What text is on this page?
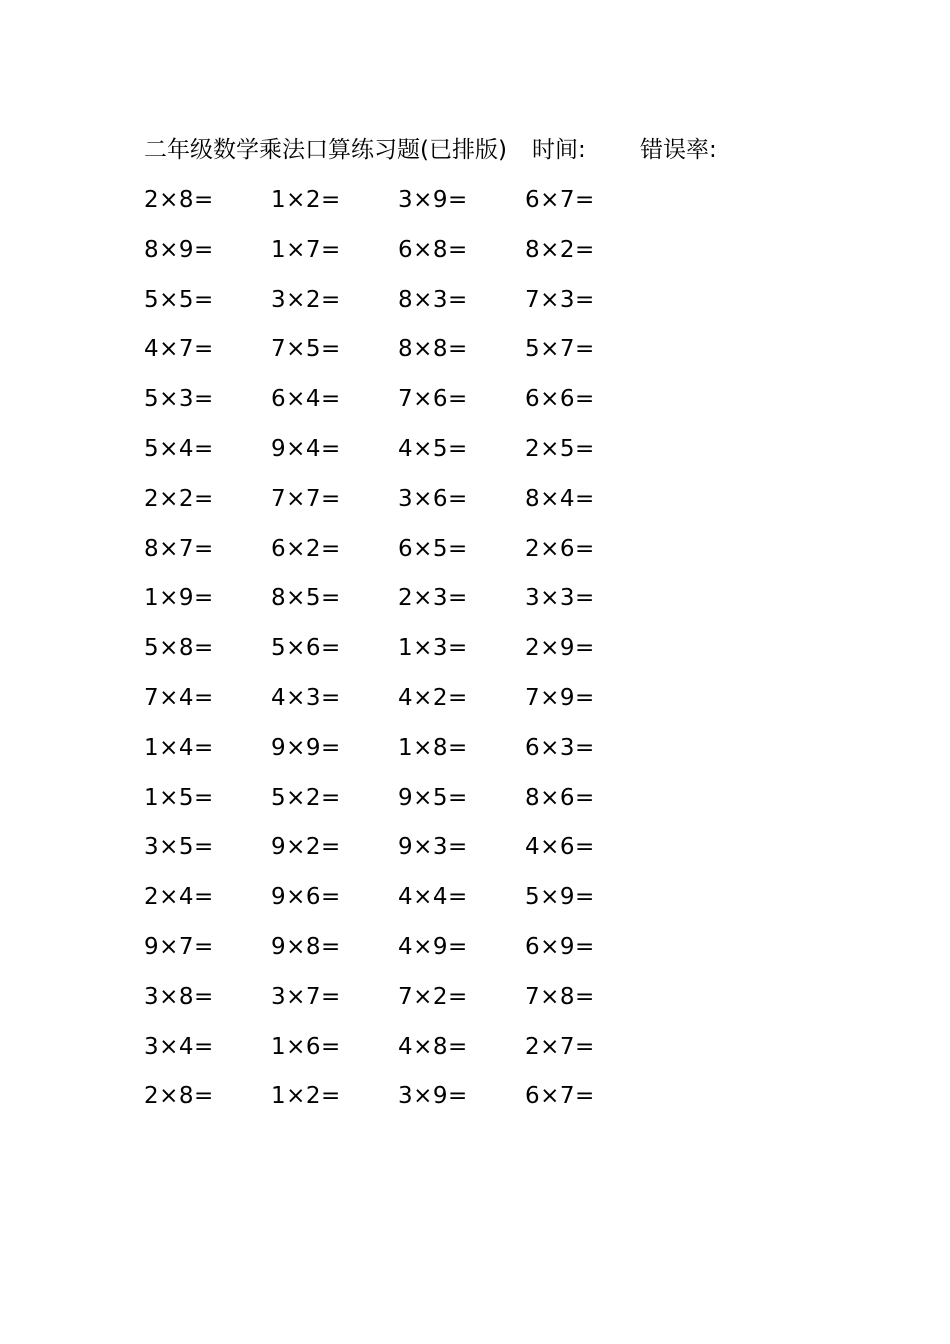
二年级数学乘法口算练习题(已排版) 时间: 错误率:
2×8=	1×2=	3×9=	6×7=
8×9=	1×7=	6×8=	8×2=
5×5=	3×2=	8×3=	7×3=
4×7=	7×5=	8×8=	5×7=
5×3=	6×4=	7×6=	6×6=
5×4=	9×4=	4×5=	2×5=
2×2=	7×7=	3×6=	8×4=
8×7=	6×2=	6×5=	2×6=
1×9=	8×5=	2×3=	3×3=
5×8=	5×6=	1×3=	2×9=
7×4=	4×3=	4×2=	7×9=
1×4=	9×9=	1×8=	6×3=
1×5=	5×2=	9×5=	8×6=
3×5=	9×2=	9×3=	4×6=
2×4=	9×6=	4×4=	5×9=
9×7=	9×8=	4×9=	6×9=
3×8=	3×7=	7×2=	7×8=
3×4=	1×6=	4×8=	2×7=
2×8=	1×2=	3×9=	6×7=
